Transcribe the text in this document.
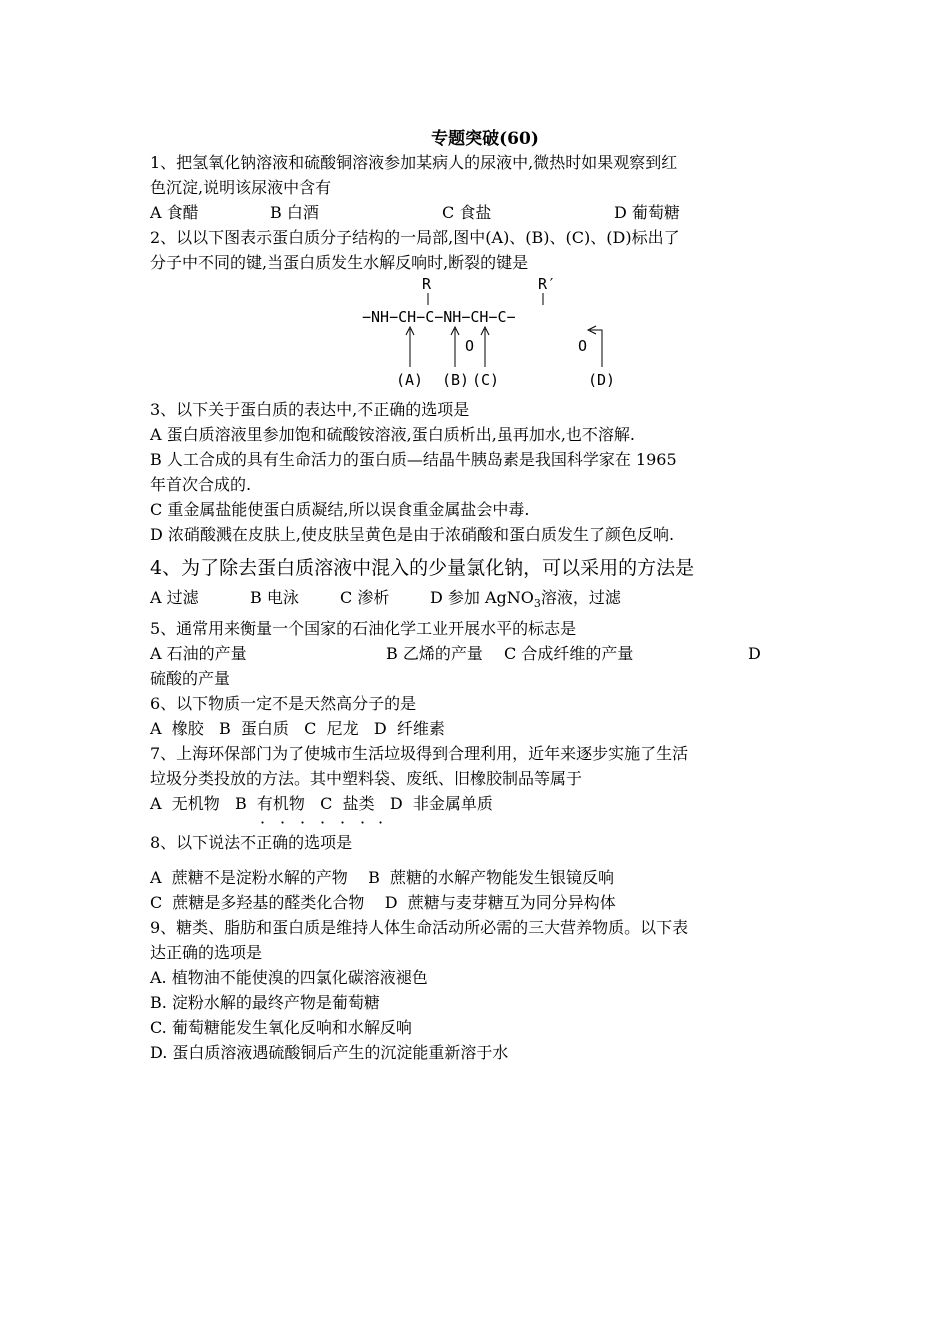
专题突破(60)
1、把氢氧化钠溶液和硫酸铜溶液参加某病人的尿液中,微热时如果观察到红
色沉淀,说明该尿液中含有
A 食醋	B 白酒	C 食盐	D 葡萄糖
2、以以下图表示蛋白质分子结构的一局部,图中(A)、(B)、(C)、(D)标出了
分子中不同的键,当蛋白质发生水解反响时,断裂的键是
R	R′
−NH−CH−C−NH−CH−C−
O	O
(A) (B) (C)	(D)
3、以下关于蛋白质的表达中,不正确的选项是
A 蛋白质溶液里参加饱和硫酸铵溶液,蛋白质析出,虽再加水,也不溶解.
B 人工合成的具有生命活力的蛋白质—结晶牛胰岛素是我国科学家在 1965
年首次合成的.
C 重金属盐能使蛋白质凝结,所以误食重金属盐会中毒.
D 浓硝酸溅在皮肤上,使皮肤呈黄色是由于浓硝酸和蛋白质发生了颜色反响.
4、为了除去蛋白质溶液中混入的少量氯化钠，可以采用的方法是
A 过滤	B 电泳	C 渗析	D 参加 AgNO$_3$溶液，过滤
5、通常用来衡量一个国家的石油化学工业开展水平的标志是
A 石油的产量	B 乙烯的产量 C 合成纤维的产量	D
硫酸的产量
6、以下物质一定不是天然高分子的是
A  橡胶   B  蛋白质   C  尼龙   D  纤维素
7、上海环保部门为了使城市生活垃圾得到合理利用，近年来逐步实施了生活
垃圾分类投放的方法。其中塑料袋、废纸、旧橡胶制品等属于
A  无机物   B  有机物   C  盐类   D  非金属单质
· · · · · · ·
8、以下说法不正确的选项是
A  蔗糖不是淀粉水解的产物    B  蔗糖的水解产物能发生银镜反响
C  蔗糖是多羟基的醛类化合物    D  蔗糖与麦芽糖互为同分异构体
9、糖类、脂肪和蛋白质是维持人体生命活动所必需的三大营养物质。以下表
达正确的选项是
A. 植物油不能使溴的四氯化碳溶液褪色
B. 淀粉水解的最终产物是葡萄糖
C. 葡萄糖能发生氧化反响和水解反响
D. 蛋白质溶液遇硫酸铜后产生的沉淀能重新溶于水
